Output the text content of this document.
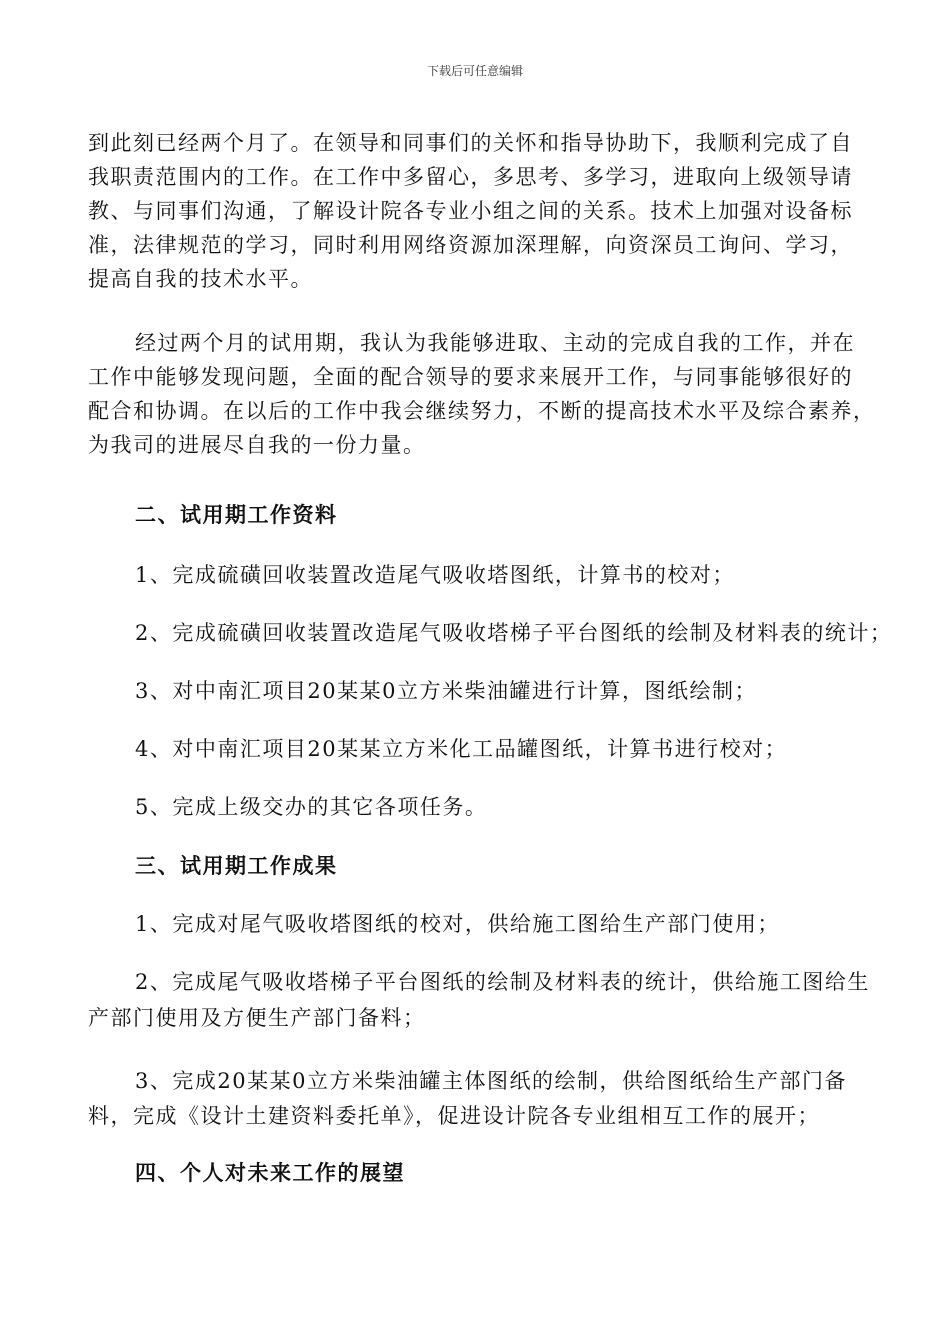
下载后可任意编辑
到此刻已经两个月了。在领导和同事们的关怀和指导协助下，我顺利完成了自
我职责范围内的工作。在工作中多留心，多思考、多学习，进取向上级领导请
教、与同事们沟通，了解设计院各专业小组之间的关系。技术上加强对设备标
准，法律规范的学习，同时利用网络资源加深理解，向资深员工询问、学习，
提高自我的技术水平。
经过两个月的试用期，我认为我能够进取、主动的完成自我的工作，并在
工作中能够发现问题，全面的配合领导的要求来展开工作，与同事能够很好的
配合和协调。在以后的工作中我会继续努力，不断的提高技术水平及综合素养，
为我司的进展尽自我的一份力量。
二、试用期工作资料
1、完成硫磺回收装置改造尾气吸收塔图纸，计算书的校对；
2、完成硫磺回收装置改造尾气吸收塔梯子平台图纸的绘制及材料表的统计；
3、对中南汇项目20某某0立方米柴油罐进行计算，图纸绘制；
4、对中南汇项目20某某立方米化工品罐图纸，计算书进行校对；
5、完成上级交办的其它各项任务。
三、试用期工作成果
1、完成对尾气吸收塔图纸的校对，供给施工图给生产部门使用；
2、完成尾气吸收塔梯子平台图纸的绘制及材料表的统计，供给施工图给生
产部门使用及方便生产部门备料；
3、完成20某某0立方米柴油罐主体图纸的绘制，供给图纸给生产部门备
料，完成《设计土建资料委托单》，促进设计院各专业组相互工作的展开；
四、个人对未来工作的展望
